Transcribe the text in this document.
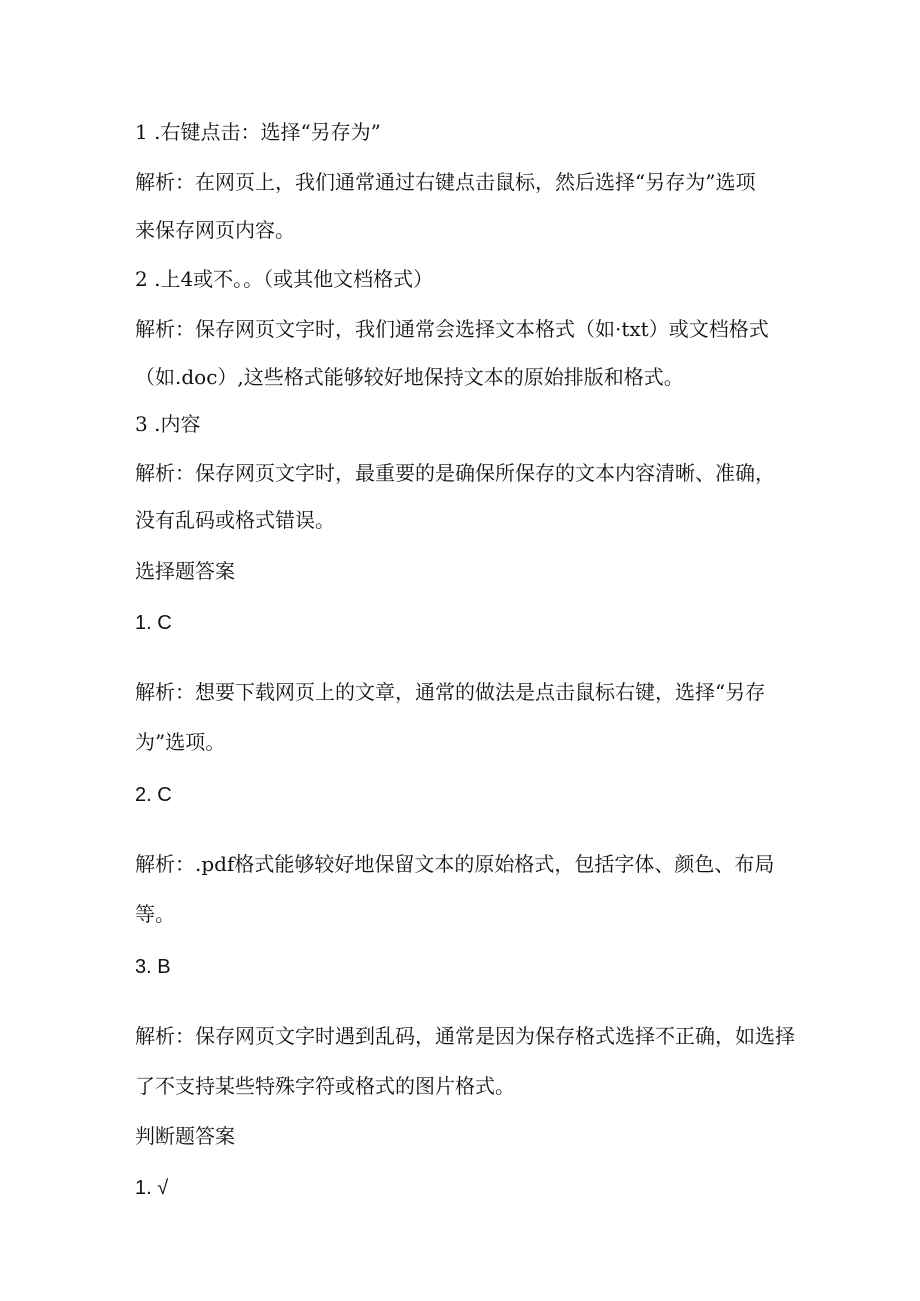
1 .右键点击：选择“另存为”
解析：在网页上，我们通常通过右键点击鼠标，然后选择“另存为”选项
来保存网页内容。
2 .上4或不。。（或其他文档格式）
解析：保存网页文字时，我们通常会选择文本格式（如·txt）或文档格式
（如.doc）,这些格式能够较好地保持文本的原始排版和格式。
3 .内容
解析：保存网页文字时，最重要的是确保所保存的文本内容清晰、准确，
没有乱码或格式错误。
选择题答案
1. C
解析：想要下载网页上的文章，通常的做法是点击鼠标右键，选择“另存
为”选项。
2. C
解析：.pdf格式能够较好地保留文本的原始格式，包括字体、颜色、布局
等。
3. B
解析：保存网页文字时遇到乱码，通常是因为保存格式选择不正确，如选择
了不支持某些特殊字符或格式的图片格式。
判断题答案
1. √
